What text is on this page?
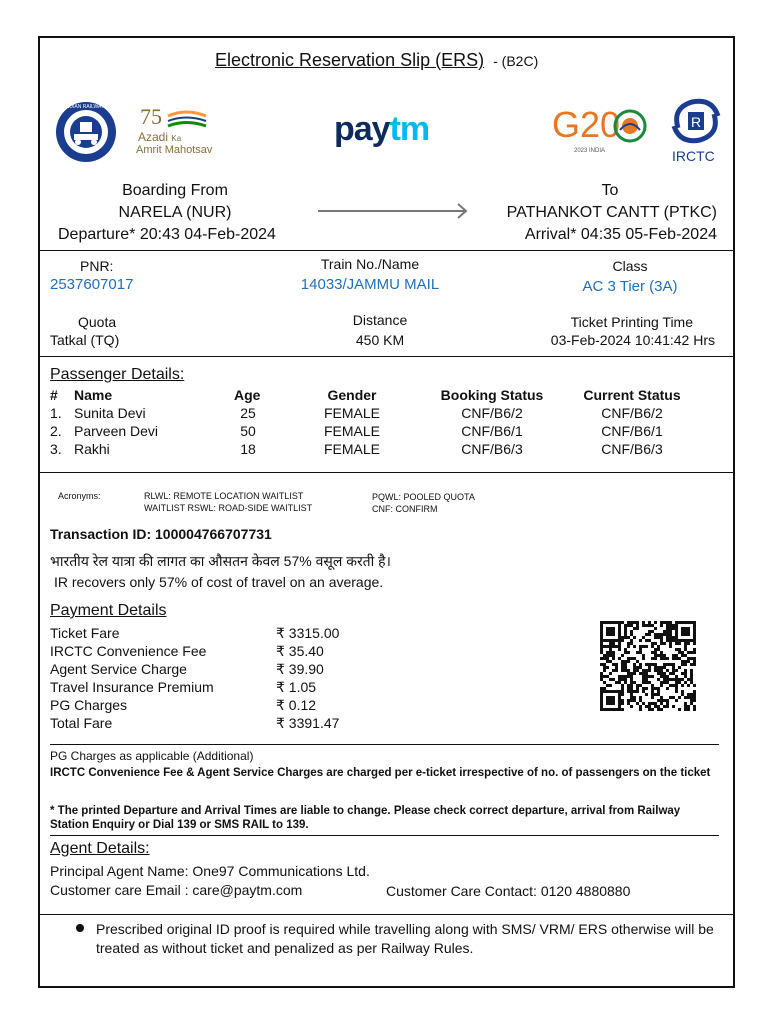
Electronic Reservation Slip (ERS) - (B2C)
INDIAN RAILWAYS 75
Azadi Ka
Amrit Mahotsav
paytm	G20
2023 INDIA
R
IRCTC
Boarding From
NARELA (NUR)
Departure* 20:43 04-Feb-2024
To
PATHANKOT CANTT (PTKC)
Arrival* 04:35 05-Feb-2024
PNR:
2537607017
Train No./Name
14033/JAMMU MAIL
Class
AC 3 Tier (3A)
Quota
Tatkal (TQ)
Distance
450 KM
Ticket Printing Time
03-Feb-2024 10:41:42 Hrs
Passenger Details:
# Name	Age	Gender	Booking Status	Current Status
1. Sunita Devi	25	FEMALE	CNF/B6/2	CNF/B6/2
2. Parveen Devi	50	FEMALE	CNF/B6/1	CNF/B6/1
3. Rakhi	18	FEMALE	CNF/B6/3	CNF/B6/3
Acronyms:	RLWL: REMOTE LOCATION WAITLIST
WAITLIST RSWL: ROAD-SIDE WAITLIST
PQWL: POOLED QUOTA
CNF: CONFIRM
Transaction ID: 100004766707731
भारतीय रेल यात्रा की लागत का औसतन केवल 57% वसूल करती है।
IR recovers only 57% of cost of travel on an average.
Payment Details
Ticket Fare	₹ 3315.00
IRCTC Convenience Fee	₹ 35.40
Agent Service Charge	₹ 39.90
Travel Insurance Premium	₹ 1.05
PG Charges	₹ 0.12
Total Fare	₹ 3391.47
PG Charges as applicable (Additional)
IRCTC Convenience Fee & Agent Service Charges are charged per e-ticket irrespective of no. of passengers on the ticket
* The printed Departure and Arrival Times are liable to change. Please check correct departure, arrival from Railway Station Enquiry or Dial 139 or SMS RAIL to 139.
Agent Details:
Principal Agent Name: One97 Communications Ltd.
Customer care Email : care@paytm.com	Customer Care Contact: 0120 4880880
Prescribed original ID proof is required while travelling along with SMS/ VRM/ ERS otherwise will be treated as without ticket and penalized as per Railway Rules.
